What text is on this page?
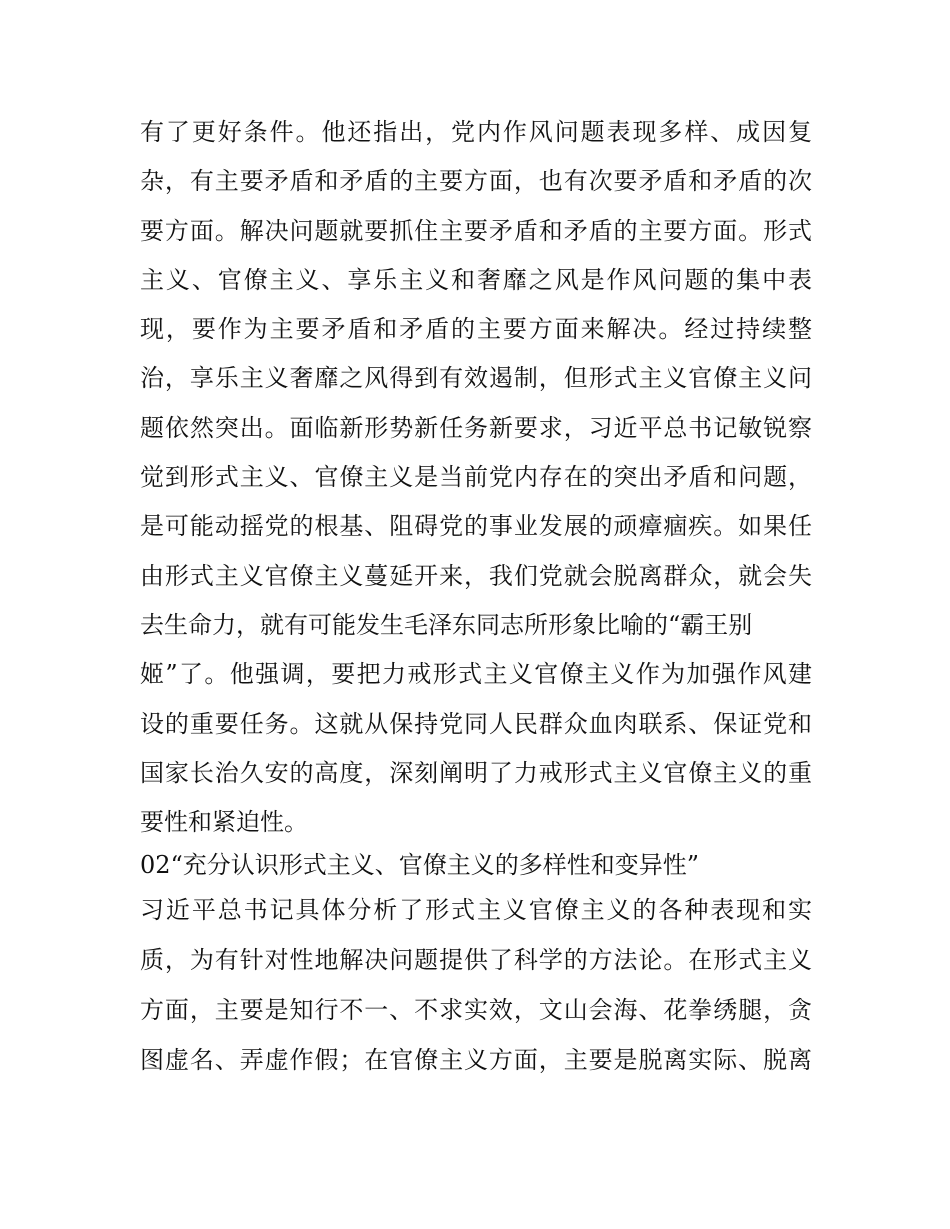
有了更好条件。他还指出，党内作风问题表现多样、成因复
杂，有主要矛盾和矛盾的主要方面，也有次要矛盾和矛盾的次
要方面。解决问题就要抓住主要矛盾和矛盾的主要方面。形式
主义、官僚主义、享乐主义和奢靡之风是作风问题的集中表
现，要作为主要矛盾和矛盾的主要方面来解决。经过持续整
治，享乐主义奢靡之风得到有效遏制，但形式主义官僚主义问
题依然突出。面临新形势新任务新要求，习近平总书记敏锐察
觉到形式主义、官僚主义是当前党内存在的突出矛盾和问题，
是可能动摇党的根基、阻碍党的事业发展的顽瘴痼疾。如果任
由形式主义官僚主义蔓延开来，我们党就会脱离群众，就会失
去生命力，就有可能发生毛泽东同志所形象比喻的“霸王别
姬”了。他强调，要把力戒形式主义官僚主义作为加强作风建
设的重要任务。这就从保持党同人民群众血肉联系、保证党和
国家长治久安的高度，深刻阐明了力戒形式主义官僚主义的重
要性和紧迫性。
02“充分认识形式主义、官僚主义的多样性和变异性”
习近平总书记具体分析了形式主义官僚主义的各种表现和实
质，为有针对性地解决问题提供了科学的方法论。在形式主义
方面，主要是知行不一、不求实效，文山会海、花拳绣腿，贪
图虚名、弄虚作假；在官僚主义方面，主要是脱离实际、脱离
